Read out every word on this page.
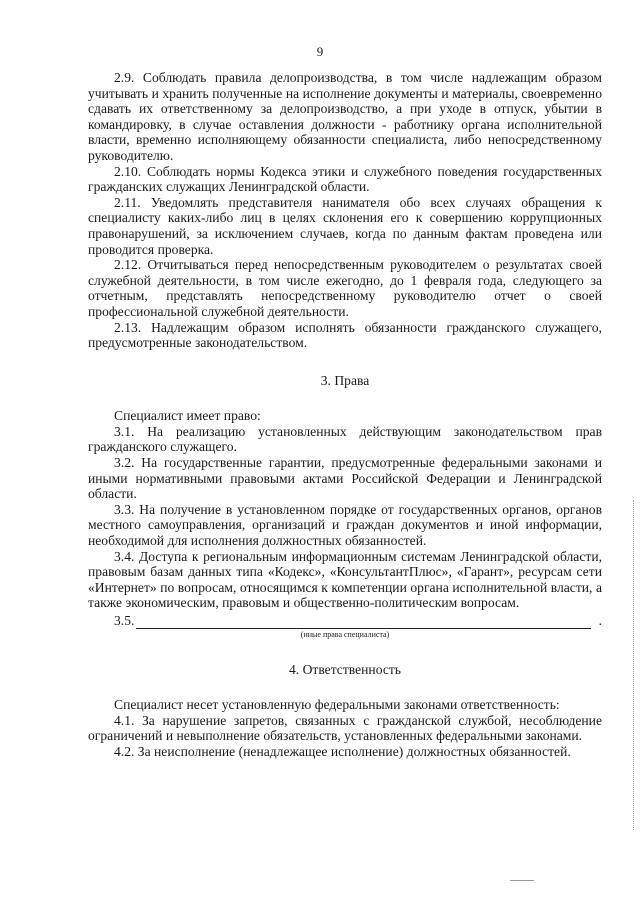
9

2.9. Соблюдать правила делопроизводства, в том числе надлежащим образом учитывать и хранить полученные на исполнение документы и материалы, своевременно сдавать их ответственному за делопроизводство, а при уходе в отпуск, убытии в командировку, в случае оставления должности - работнику органа исполнительной власти, временно исполняющему обязанности специалиста, либо непосредственному руководителю.

2.10. Соблюдать нормы Кодекса этики и служебного поведения государственных гражданских служащих Ленинградской области.

2.11. Уведомлять представителя нанимателя обо всех случаях обращения к специалисту каких-либо лиц в целях склонения его к совершению коррупционных правонарушений, за исключением случаев, когда по данным фактам проведена или проводится проверка.

2.12. Отчитываться перед непосредственным руководителем о результатах своей служебной деятельности, в том числе ежегодно, до 1 февраля года, следующего за отчетным, представлять непосредственному руководителю отчет о своей профессиональной служебной деятельности.

2.13. Надлежащим образом исполнять обязанности гражданского служащего, предусмотренные законодательством.

3. Права

Специалист имеет право:

3.1. На реализацию установленных действующим законодательством прав гражданского служащего.

3.2. На государственные гарантии, предусмотренные федеральными законами и иными нормативными правовыми актами Российской Федерации и Ленинградской области.

3.3. На получение в установленном порядке от государственных органов, органов местного самоуправления, организаций и граждан документов и иной информации, необходимой для исполнения должностных обязанностей.

3.4. Доступа к региональным информационным системам Ленинградской области, правовым базам данных типа «Кодекс», «КонсультантПлюс», «Гарант», ресурсам сети «Интернет» по вопросам, относящимся к компетенции органа исполнительной власти, а также экономическим, правовым и общественно-политическим вопросам.

3.5.	.
(иные права специалиста)
4. Ответственность

Специалист несет установленную федеральными законами ответственность:

4.1. За нарушение запретов, связанных с гражданской службой, несоблюдение ограничений и невыполнение обязательств, установленных федеральными законами.

4.2. За неисполнение (ненадлежащее исполнение) должностных обязанностей.
